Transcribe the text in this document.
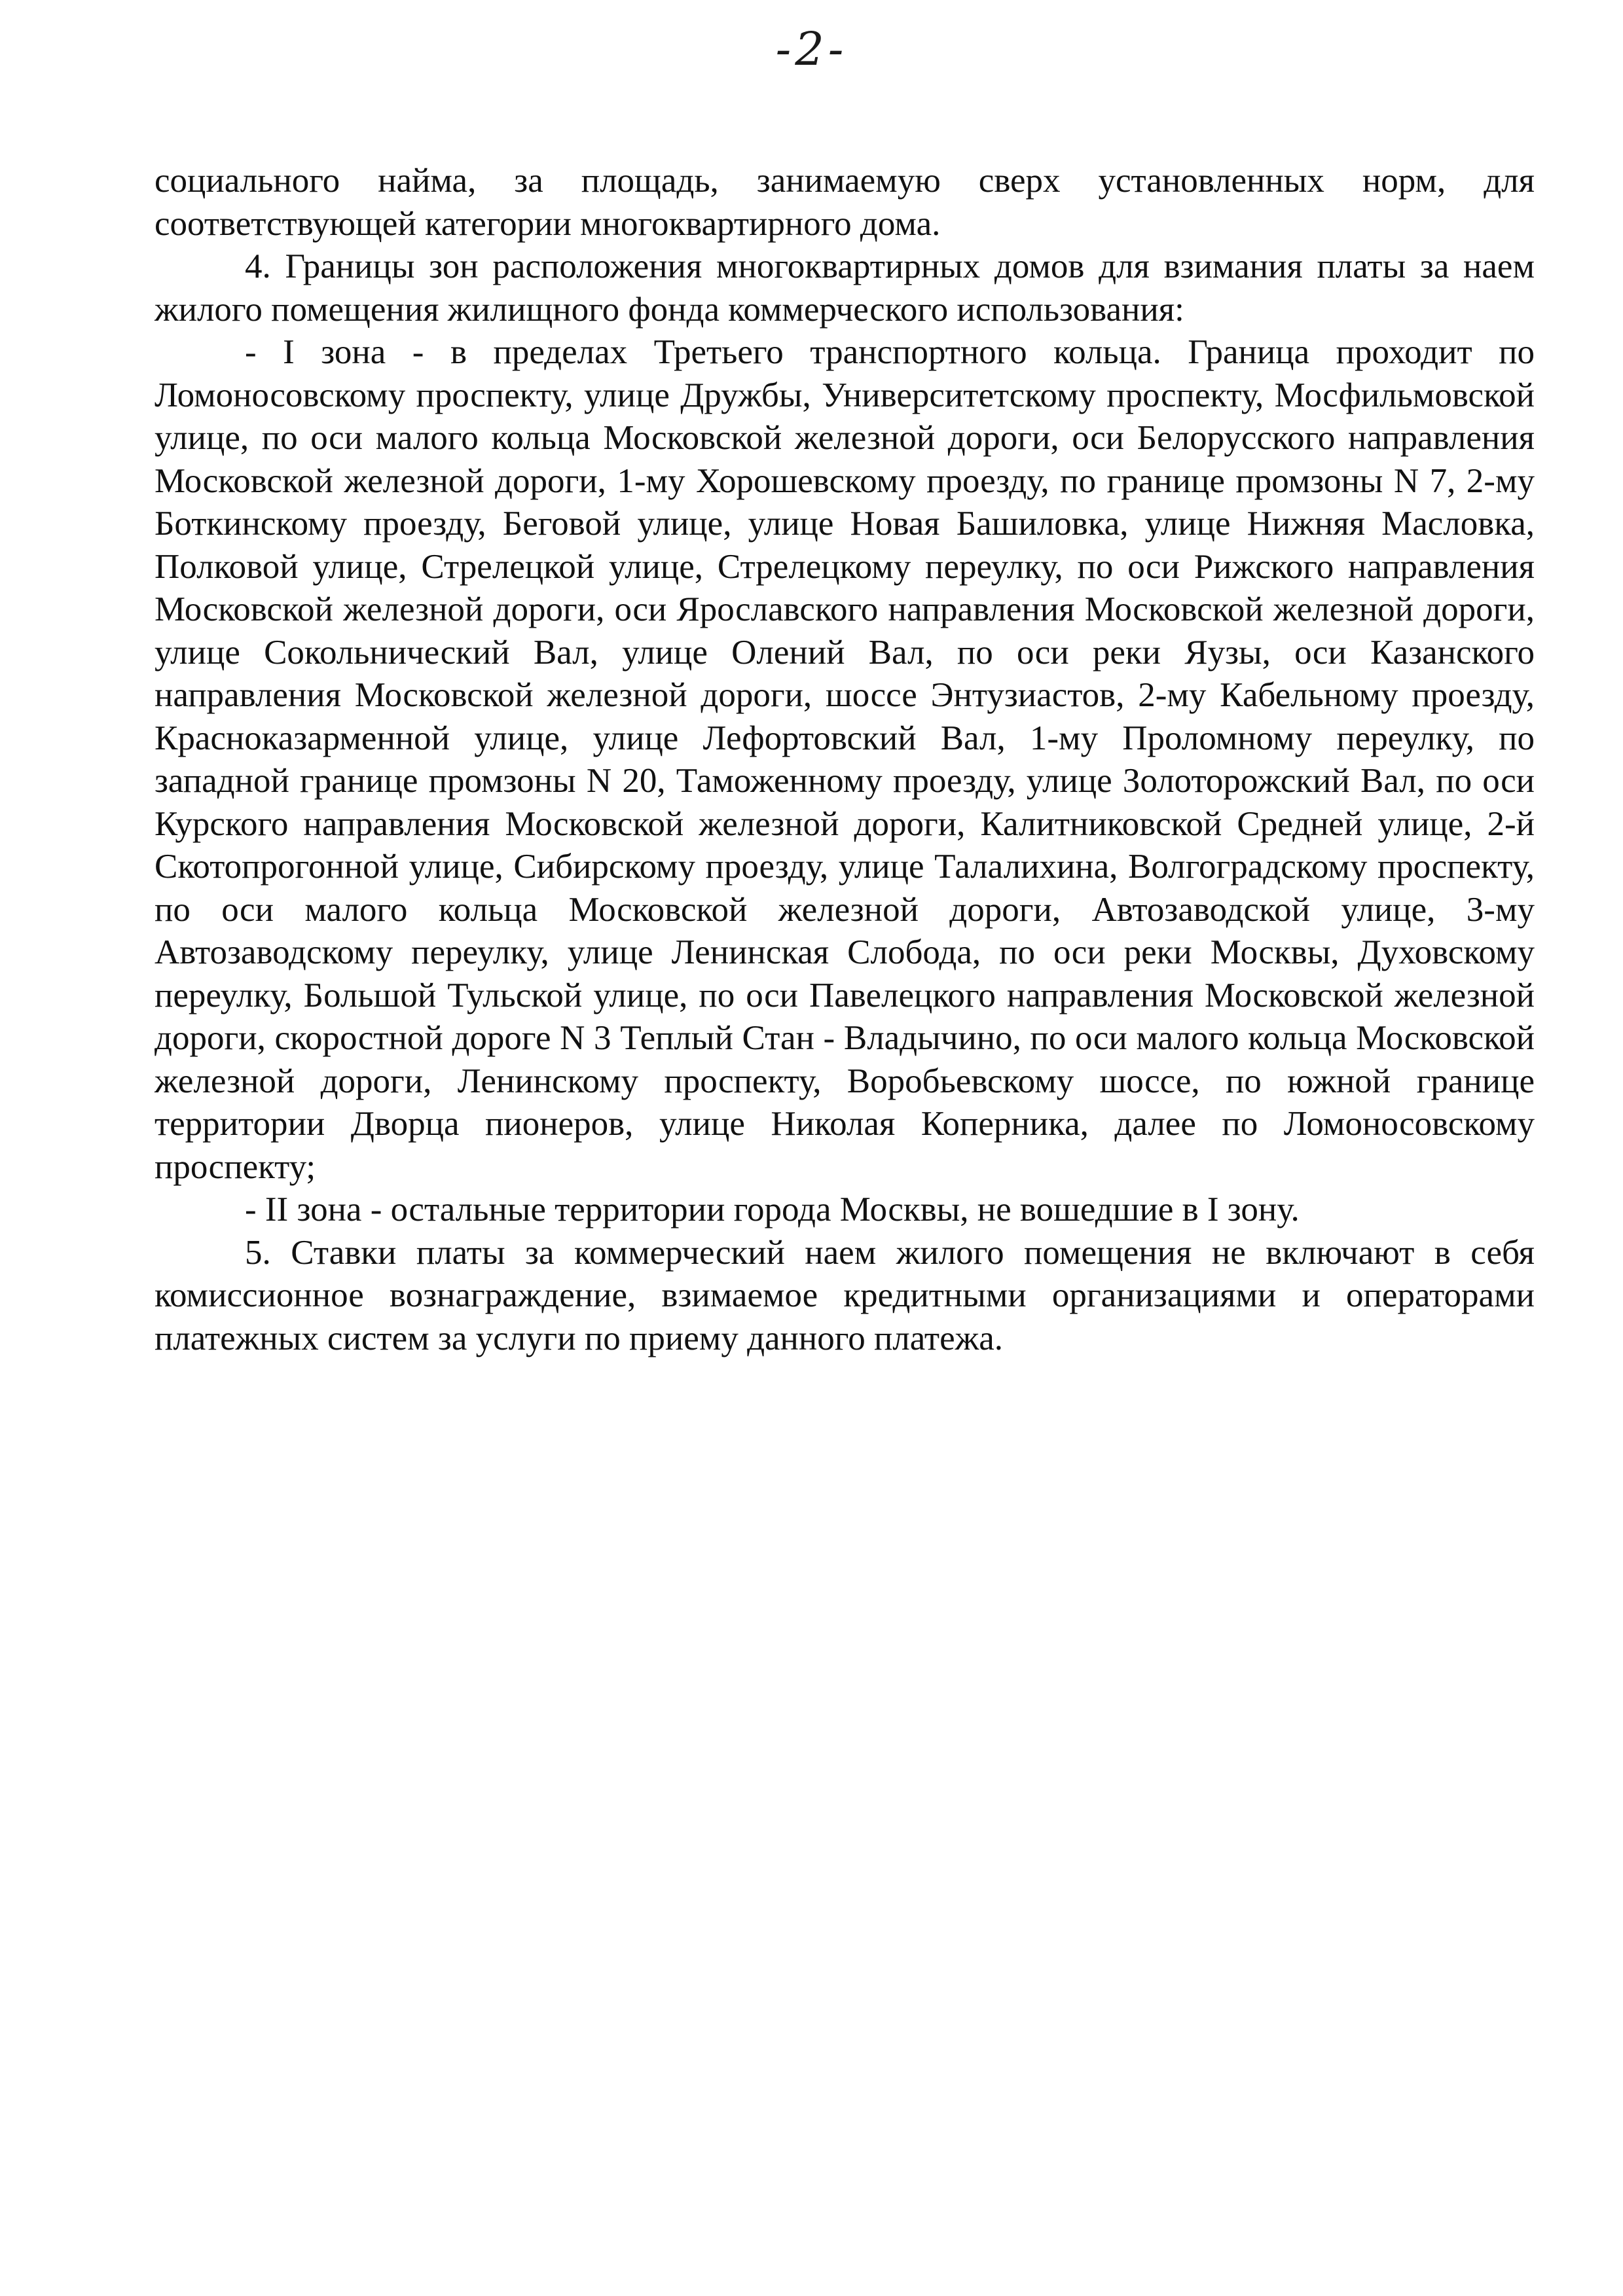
-2-

социального найма, за площадь, занимаемую сверх установленных норм, для соответствующей категории многоквартирного дома.

4. Границы зон расположения многоквартирных домов для взимания платы за наем жилого помещения жилищного фонда коммерческого использования:

- I зона - в пределах Третьего транспортного кольца. Граница проходит по Ломоносовскому проспекту, улице Дружбы, Университетскому проспекту, Мосфильмовской улице, по оси малого кольца Московской железной дороги, оси Белорусского направления Московской железной дороги, 1-му Хорошевскому проезду, по границе промзоны N 7, 2-му Боткинскому проезду, Беговой улице, улице Новая Башиловка, улице Нижняя Масловка, Полковой улице, Стрелецкой улице, Стрелецкому переулку, по оси Рижского направления Московской железной дороги, оси Ярославского направления Московской железной дороги, улице Сокольнический Вал, улице Олений Вал, по оси реки Яузы, оси Казанского направления Московской железной дороги, шоссе Энтузиастов, 2-му Кабельному проезду, Красноказарменной улице, улице Лефортовский Вал, 1-му Проломному переулку, по западной границе промзоны N 20, Таможенному проезду, улице Золоторожский Вал, по оси Курского направления Московской железной дороги, Калитниковской Средней улице, 2-й Скотопрогонной улице, Сибирскому проезду, улице Талалихина, Волгоградскому проспекту, по оси малого кольца Московской железной дороги, Автозаводской улице, 3-му Автозаводскому переулку, улице Ленинская Слобода, по оси реки Москвы, Духовскому переулку, Большой Тульской улице, по оси Павелецкого направления Московской железной дороги, скоростной дороге N 3 Теплый Стан - Владычино, по оси малого кольца Московской железной дороги, Ленинскому проспекту, Воробьевскому шоссе, по южной границе территории Дворца пионеров, улице Николая Коперника, далее по Ломоносовскому проспекту;

- II зона - остальные территории города Москвы, не вошедшие в I зону.

5. Ставки платы за коммерческий наем жилого помещения не включают в себя комиссионное вознаграждение, взимаемое кредитными организациями и операторами платежных систем за услуги по приему данного платежа.
